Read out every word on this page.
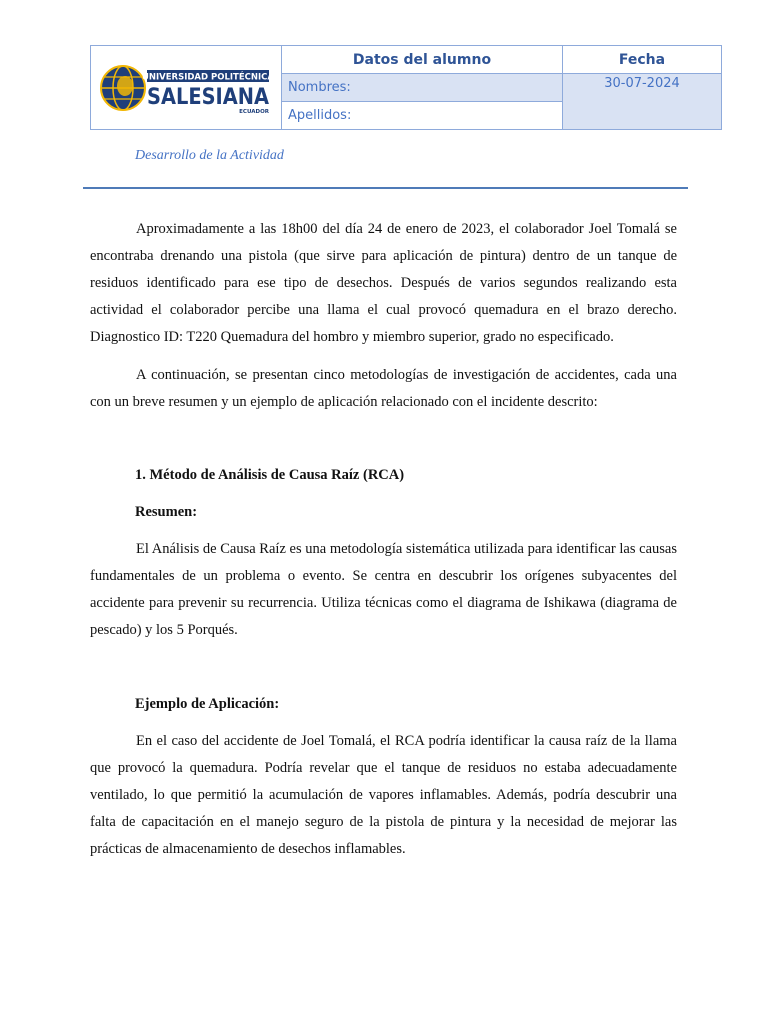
UNIVERSIDAD POLITÉCNICA
SALESIANA
ECUADOR	Datos del alumno	Fecha
	Nombres:	30-07-2024
	Apellidos:	
Desarrollo de la Actividad

Aproximadamente a las 18h00 del día 24 de enero de 2023, el colaborador Joel Tomalá se encontraba drenando una pistola (que sirve para aplicación de pintura) dentro de un tanque de residuos identificado para ese tipo de desechos. Después de varios segundos realizando esta actividad el colaborador percibe una llama el cual provocó quemadura en el brazo derecho. Diagnostico ID: T220 Quemadura del hombro y miembro superior, grado no especificado.

A continuación, se presentan cinco metodologías de investigación de accidentes, cada una con un breve resumen y un ejemplo de aplicación relacionado con el incidente descrito:

1. Método de Análisis de Causa Raíz (RCA)

Resumen:

El Análisis de Causa Raíz es una metodología sistemática utilizada para identificar las causas fundamentales de un problema o evento. Se centra en descubrir los orígenes subyacentes del accidente para prevenir su recurrencia. Utiliza técnicas como el diagrama de Ishikawa (diagrama de pescado) y los 5 Porqués.

Ejemplo de Aplicación:

En el caso del accidente de Joel Tomalá, el RCA podría identificar la causa raíz de la llama que provocó la quemadura. Podría revelar que el tanque de residuos no estaba adecuadamente ventilado, lo que permitió la acumulación de vapores inflamables. Además, podría descubrir una falta de capacitación en el manejo seguro de la pistola de pintura y la necesidad de mejorar las prácticas de almacenamiento de desechos inflamables.
